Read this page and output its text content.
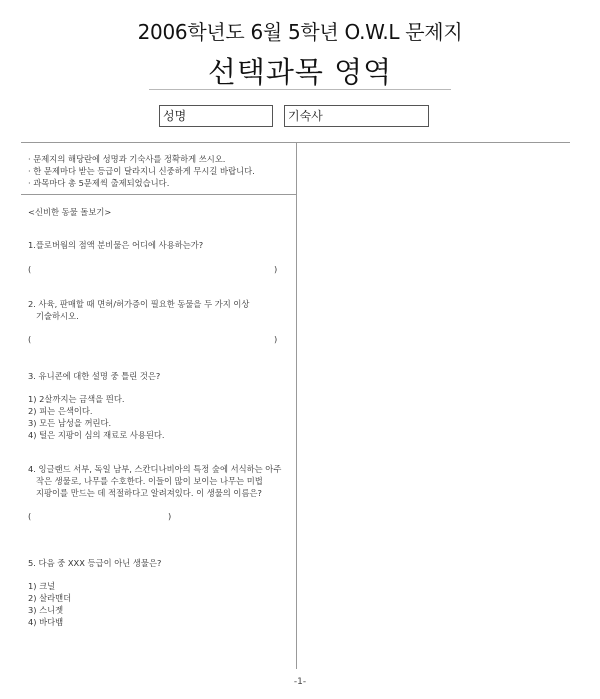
2006학년도 6월 5학년 O.W.L 문제지
선택과목 영역
성명	기숙사
· 문제지의 해당란에 성명과 기숙사를 정확하게 쓰시오.
· 한 문제마다 받는 등급이 달라지니 신중하게 무시길 바랍니다.
· 과목마다 총 5문제씩 출제되었습니다.
<신비한 동물 돌보기>
1.플로버웜의 점액 분비물은 어디에 사용하는가?
(	)
2. 사육, 판매할 때 면허/허가증이 필요한 동물을 두 가지 이상
기술하시오.
(	)
3. 유니콘에 대한 설명 중 틀린 것은?
1) 2살까지는 금색을 띈다.
2) 피는 은색이다.
3) 모든 남성을 꺼린다.
4) 털은 지팡이 심의 재료로 사용된다.
4. 잉글랜드 서부, 독일 남부, 스칸디나비아의 특정 숲에 서식하는 아주
작은 생물로, 나무를 수호한다. 이들이 많이 보이는 나무는 미법
지팡이를 만드는 데 적절하다고 알려져있다. 이 생물의 이름은?
(	)
5. 다음 중 XXX 등급이 아닌 생물은?
1) 크널
2) 살라맨더
3) 스니젯
4) 바다뱀
-1-
